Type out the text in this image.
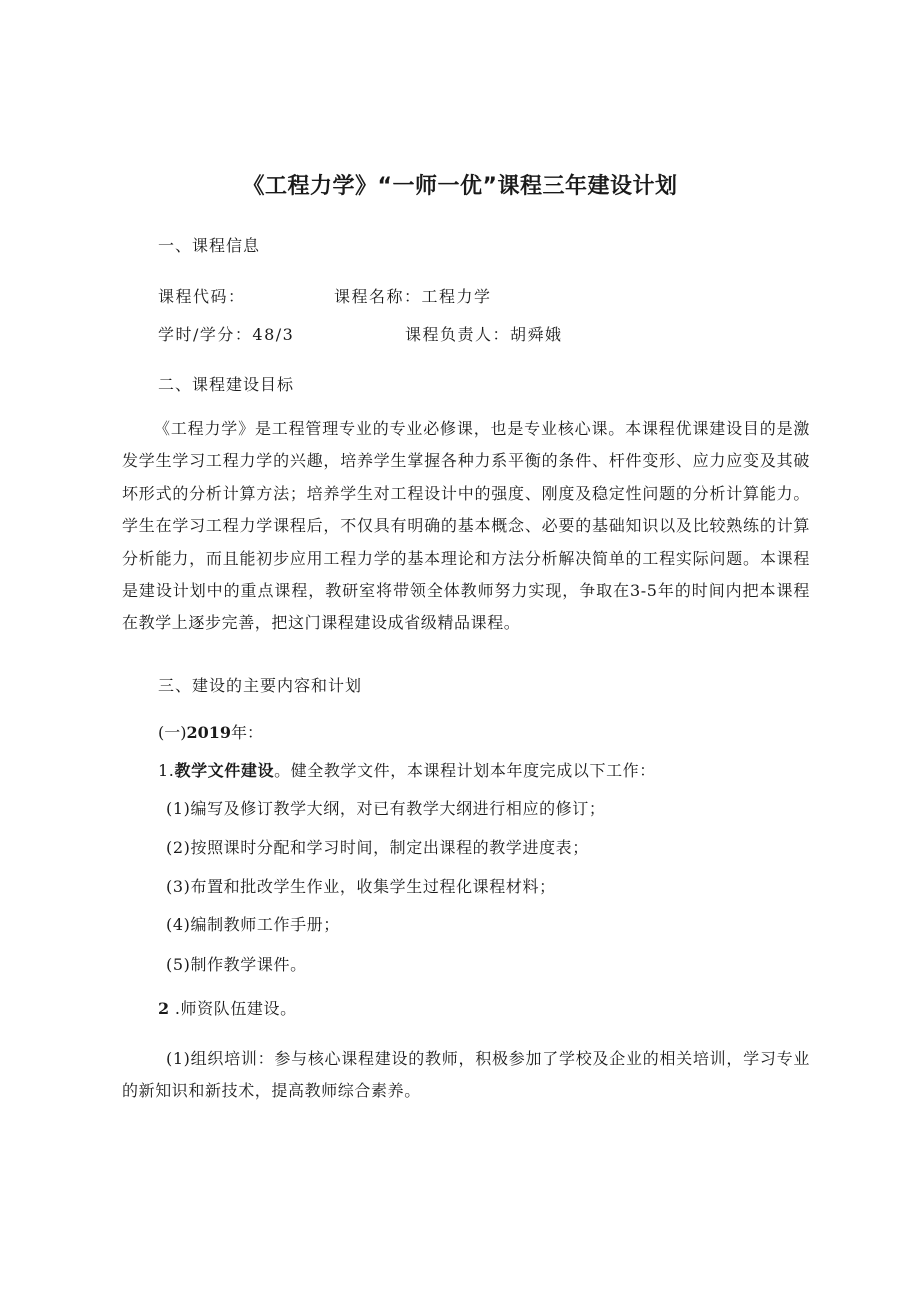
《工程力学》“一师一优”课程三年建设计划
一、课程信息
课程代码：	课程名称：工程力学
学时/学分：48/3	课程负责人：胡舜娥
二、课程建设目标
《工程力学》是工程管理专业的专业必修课，也是专业核心课。本课程优课建设目的是激发学生学习工程力学的兴趣，培养学生掌握各种力系平衡的条件、杆件变形、应力应变及其破坏形式的分析计算方法；培养学生对工程设计中的强度、刚度及稳定性问题的分析计算能力。学生在学习工程力学课程后，不仅具有明确的基本概念、必要的基础知识以及比较熟练的计算分析能力，而且能初步应用工程力学的基本理论和方法分析解决简单的工程实际问题。本课程是建设计划中的重点课程，教研室将带领全体教师努力实现，争取在3-5年的时间内把本课程在教学上逐步完善，把这门课程建设成省级精品课程。
三、建设的主要内容和计划
(一)2019年：
1.教学文件建设。健全教学文件，本课程计划本年度完成以下工作：
(1)编写及修订教学大纲，对已有教学大纲进行相应的修订；
(2)按照课时分配和学习时间，制定出课程的教学进度表；
(3)布置和批改学生作业，收集学生过程化课程材料；
(4)编制教师工作手册；
(5)制作教学课件。
2 .师资队伍建设。
(1)组织培训：参与核心课程建设的教师，积极参加了学校及企业的相关培训，学习专业的新知识和新技术，提高教师综合素养。
